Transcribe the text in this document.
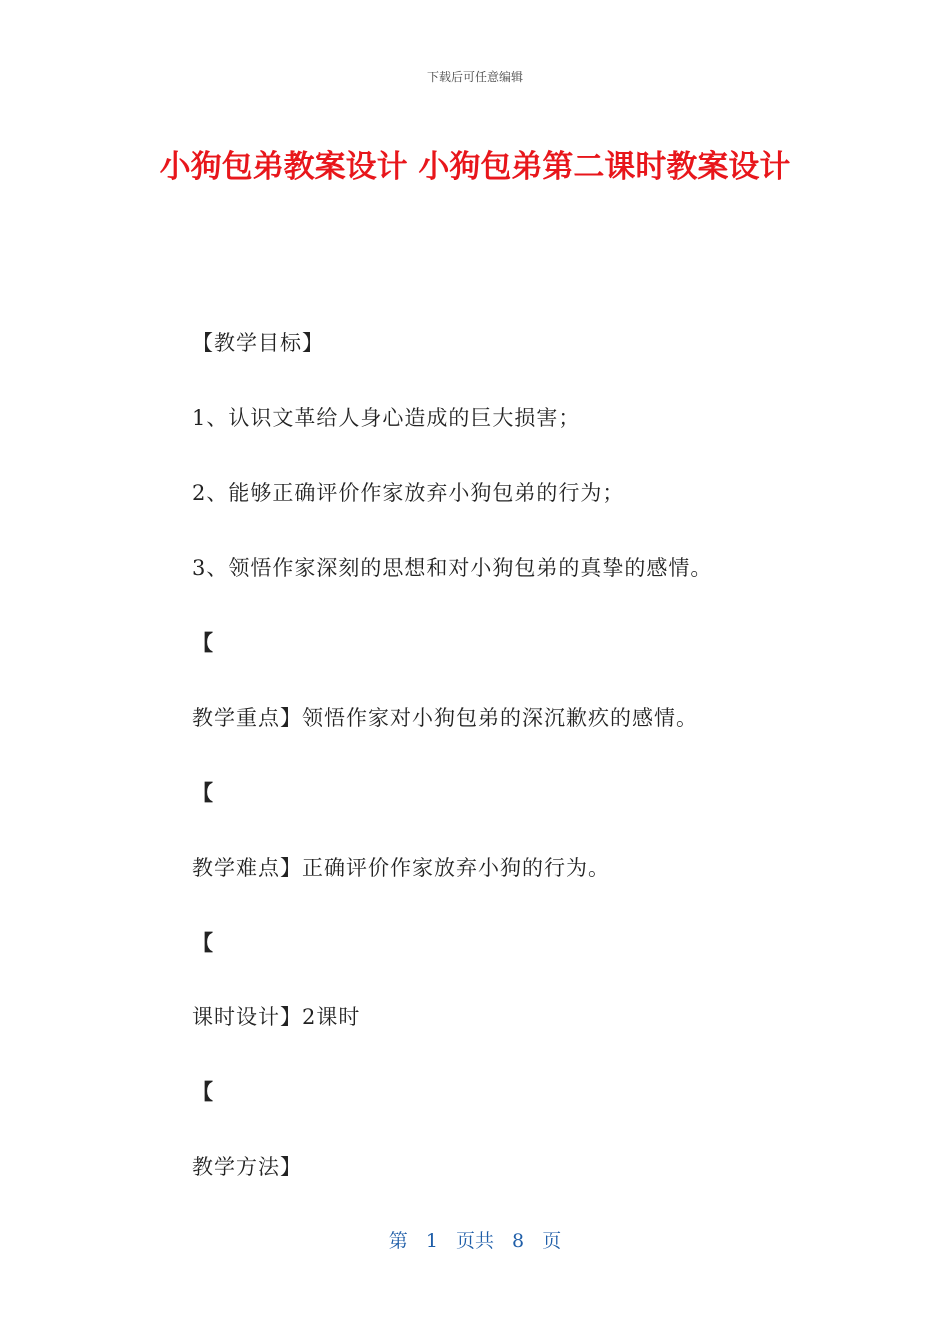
下载后可任意编辑
小狗包弟教案设计 小狗包弟第二课时教案设计

【教学目标】

1、认识文革给人身心造成的巨大损害；

2、能够正确评价作家放弃小狗包弟的行为；

3、领悟作家深刻的思想和对小狗包弟的真挚的感情。

【

教学重点】领悟作家对小狗包弟的深沉歉疚的感情。

【

教学难点】正确评价作家放弃小狗的行为。

【

课时设计】2课时

【

教学方法】

第 1 页共 8 页
